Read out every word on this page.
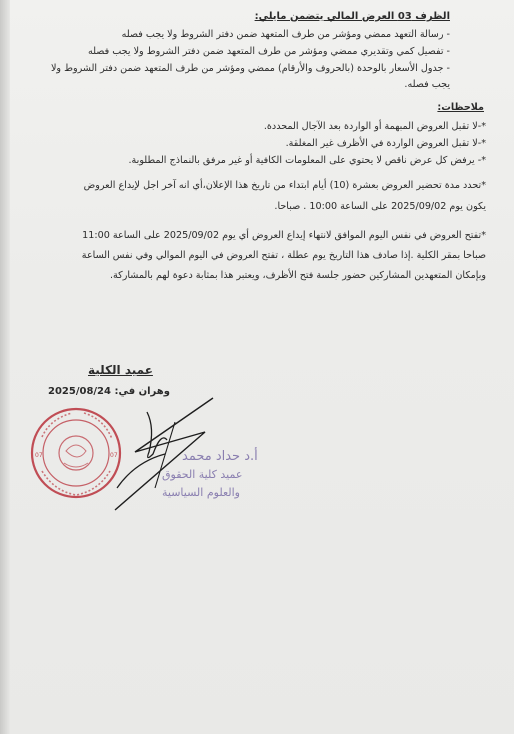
الظرف 03 العرض المالي يتضمن مايلي:
- رسالة التعهد ممضي ومؤشر من طرف المتعهد ضمن دفتر الشروط ولا يجب فصله
- تفصيل كمي وتقديري ممضي ومؤشر من طرف المتعهد ضمن دفتر الشروط ولا يجب فصله
- جدول الأسعار بالوحدة (بالحروف والأرقام) ممضي ومؤشر من طرف المتعهد ضمن دفتر الشروط ولا
يجب فصله.
ملاحظات:
*-لا تقبل العروض المبهمة أو الواردة بعد الآجال المحددة.
*-لا تقبل العروض الواردة في الأظرف غير المغلقة.
*- يرفض كل عرض ناقص لا يحتوي على المعلومات الكافية أو غير مرفق بالنماذج المطلوبة.
*تحدد مدة تحضير العروض بعشرة (10) أيام ابتداء من تاريخ هذا الإعلان،أي انه آخر اجل لإيداع العروض
يكون يوم 2025/09/02 على الساعة 10:00 . صباحا.
*تفتح العروض في نفس اليوم الموافق لانتهاء إيداع العروض أي يوم 2025/09/02 على الساعة 11:00
صباحا بمقر الكلية .إذا صادف هذا التاريخ يوم عطلة ، تفتح العروض في اليوم الموالي وفي نفس الساعة
وبإمكان المتعهدين المشاركين حضور جلسة فتح الأظرف، ويعتبر هذا بمثابة دعوة لهم بالمشاركة.
عميد الكلية
وهران في: 2025/08/24
07	07	أ.د حداد محمد
عميد كلية الحقوق
والعلوم السياسية
